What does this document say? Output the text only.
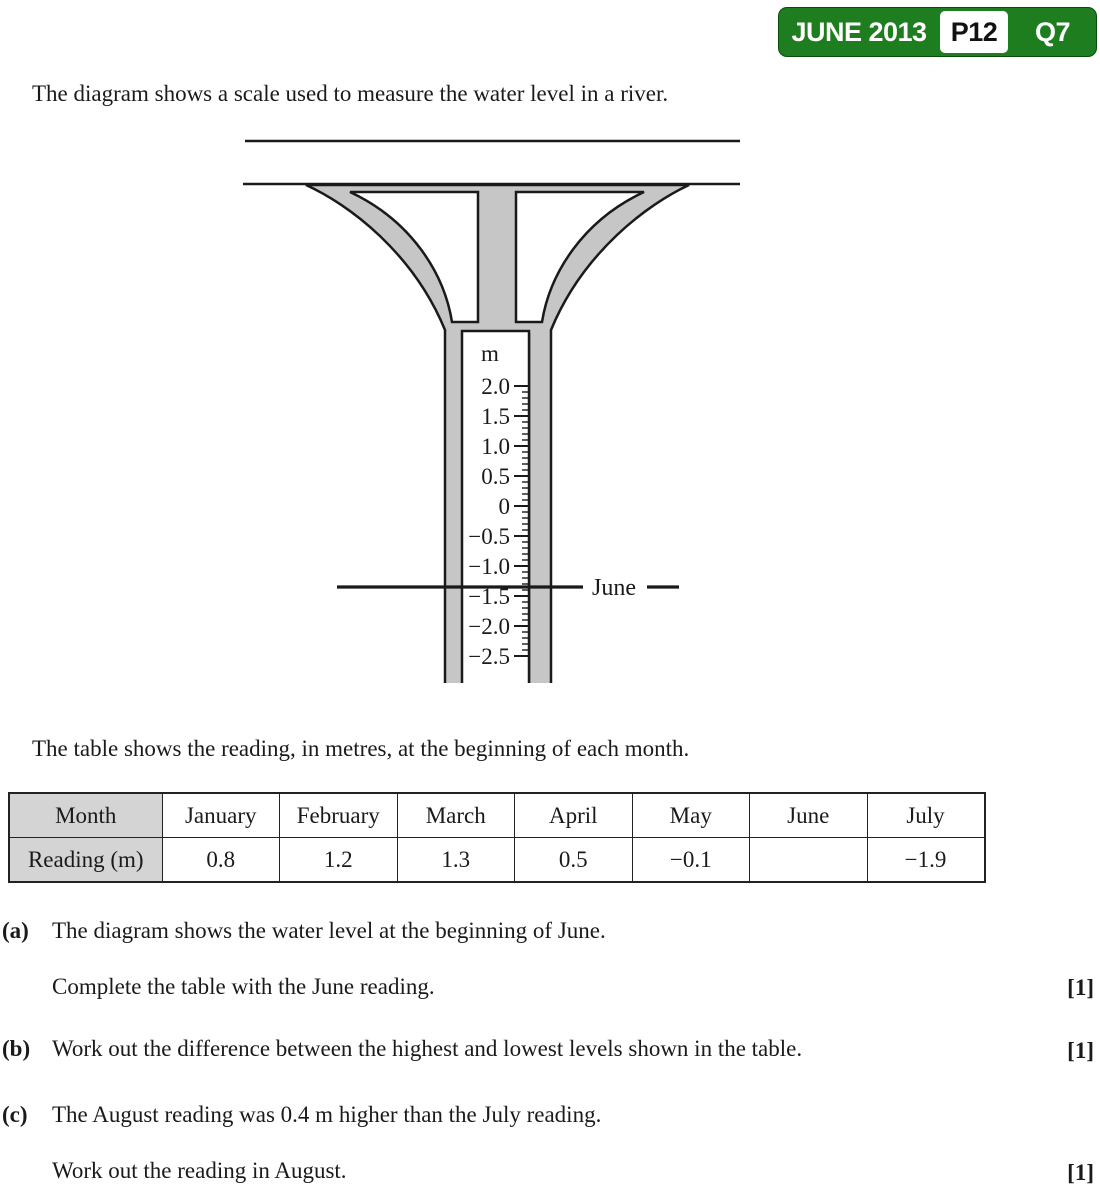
JUNE 2013 P12	Q7
The diagram shows a scale used to measure the water level in a river.
m
2.0
1.5
1.0
0.5
0
−0.5
−1.0
−1.5
−2.0
−2.5
June
The table shows the reading, in metres, at the beginning of each month.
Month	January	February	March	April	May	June	July
Reading (m)	0.8	1.2	1.3	0.5	−0.1		−1.9
(a) The diagram shows the water level at the beginning of June.
Complete the table with the June reading.	[1]
(b) Work out the difference between the highest and lowest levels shown in the table.	[1]
(c) The August reading was 0.4 m higher than the July reading.
Work out the reading in August.	[1]
